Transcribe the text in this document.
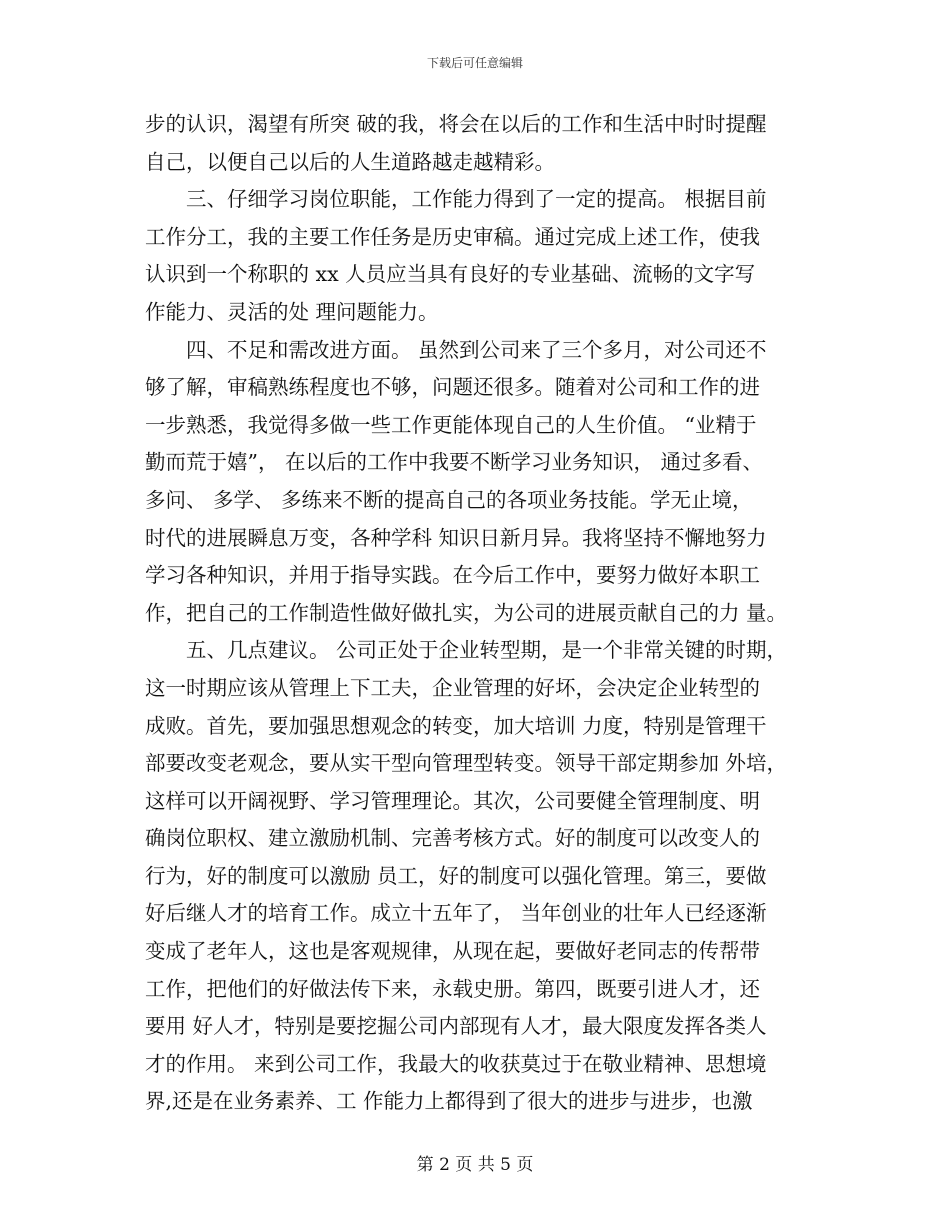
下载后可任意编辑
步的认识，渴望有所突 破的我，将会在以后的工作和生活中时时提醒
自己，以便自己以后的人生道路越走越精彩。
三、仔细学习岗位职能，工作能力得到了一定的提高。 根据目前
工作分工，我的主要工作任务是历史审稿。通过完成上述工作，使我
认识到一个称职的 xx 人员应当具有良好的专业基础、流畅的文字写
作能力、灵活的处 理问题能力。
四、不足和需改进方面。 虽然到公司来了三个多月，对公司还不
够了解，审稿熟练程度也不够，问题还很多。随着对公司和工作的进
一步熟悉，我觉得多做一些工作更能体现自己的人生价值。 “业精于
勤而荒于嬉”， 在以后的工作中我要不断学习业务知识， 通过多看、
多问、 多学、 多练来不断的提高自己的各项业务技能。学无止境，
时代的进展瞬息万变，各种学科 知识日新月异。我将坚持不懈地努力
学习各种知识，并用于指导实践。在今后工作中，要努力做好本职工
作，把自己的工作制造性做好做扎实，为公司的进展贡献自己的力 量。
五、几点建议。 公司正处于企业转型期，是一个非常关键的时期，
这一时期应该从管理上下工夫，企业管理的好坏，会决定企业转型的
成败。首先，要加强思想观念的转变，加大培训 力度，特别是管理干
部要改变老观念，要从实干型向管理型转变。领导干部定期参加 外培，
这样可以开阔视野、学习管理理论。其次，公司要健全管理制度、明
确岗位职权、建立激励机制、完善考核方式。好的制度可以改变人的
行为，好的制度可以激励 员工，好的制度可以强化管理。第三，要做
好后继人才的培育工作。成立十五年了， 当年创业的壮年人已经逐渐
变成了老年人，这也是客观规律，从现在起，要做好老同志的传帮带
工作，把他们的好做法传下来，永载史册。第四，既要引进人才，还
要用 好人才，特别是要挖掘公司内部现有人才，最大限度发挥各类人
才的作用。 来到公司工作，我最大的收获莫过于在敬业精神、思想境
界,还是在业务素养、工 作能力上都得到了很大的进步与进步，也激
第 2 页 共 5 页
